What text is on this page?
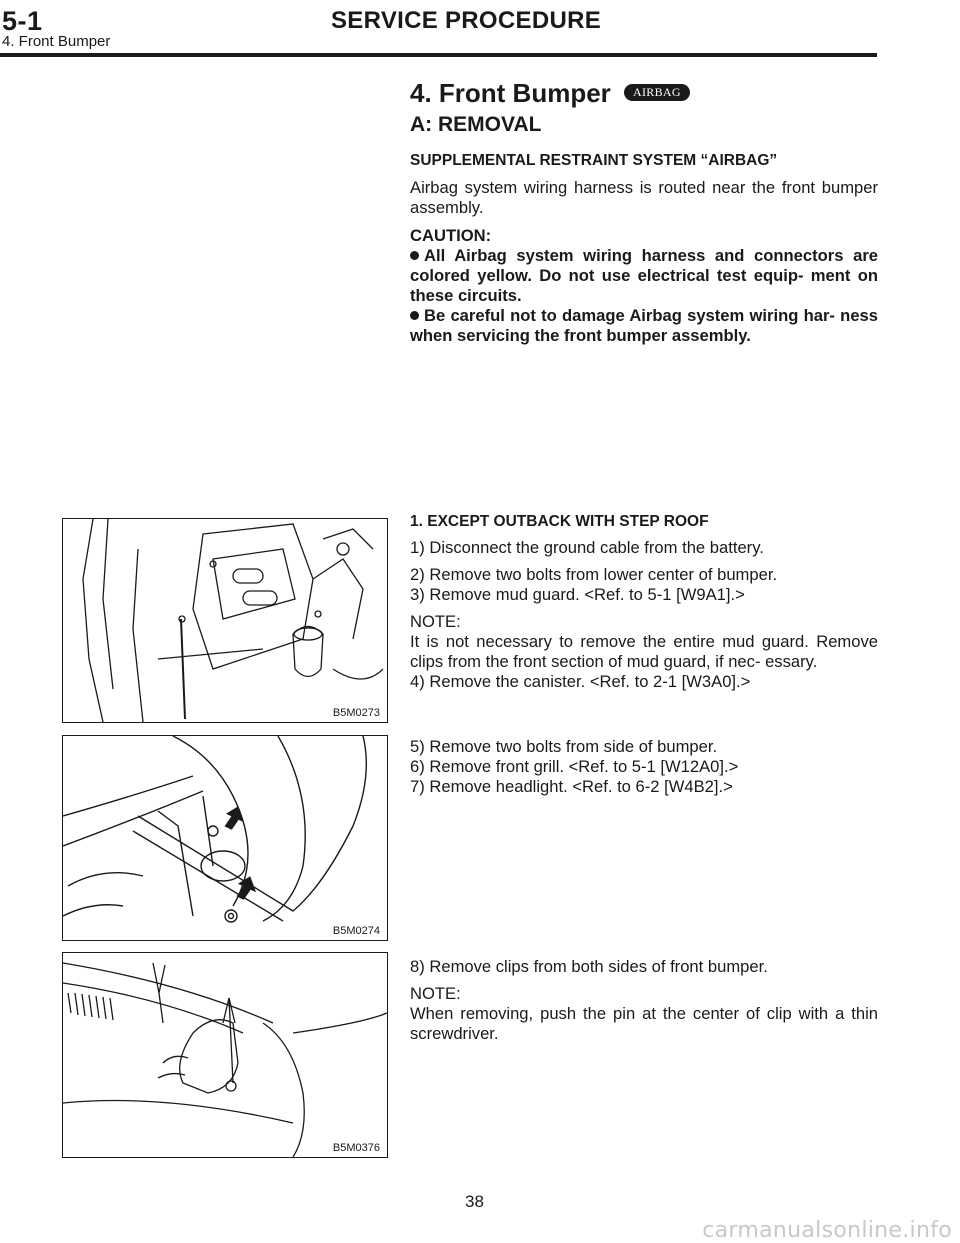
5-1	SERVICE PROCEDURE
4. Front Bumper
4. Front Bumper AIRBAG
A: REMOVAL

SUPPLEMENTAL RESTRAINT SYSTEM “AIRBAG”

Airbag system wiring harness is routed near the front bumper assembly.

CAUTION:

All Airbag system wiring harness and connectors are colored yellow. Do not use electrical test equip- ment on these circuits.

Be careful not to damage Airbag system wiring har- ness when servicing the front bumper assembly.

1. EXCEPT OUTBACK WITH STEP ROOF

1) Disconnect the ground cable from the battery.

2) Remove two bolts from lower center of bumper.

3) Remove mud guard. <Ref. to 5-1 [W9A1].>

NOTE:

It is not necessary to remove the entire mud guard. Remove clips from the front section of mud guard, if nec- essary.

4) Remove the canister. <Ref. to 2-1 [W3A0].>

5) Remove two bolts from side of bumper.

6) Remove front grill. <Ref. to 5-1 [W12A0].>

7) Remove headlight. <Ref. to 6-2 [W4B2].>

8) Remove clips from both sides of front bumper.

NOTE:

When removing, push the pin at the center of clip with a thin screwdriver.

B5M0273
B5M0274
B5M0376
38
carmanualsonline.info
